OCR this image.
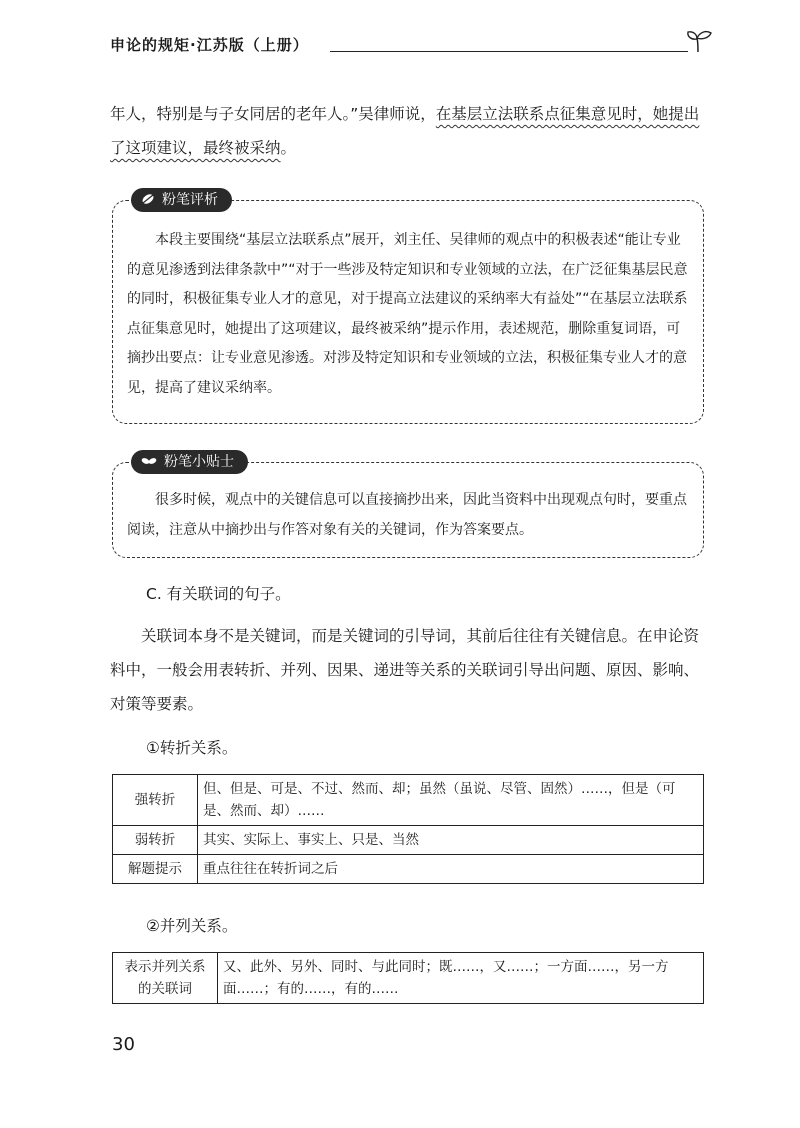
申论的规矩·江苏版（上册）

年人，特别是与子女同居的老年人。”吴律师说，在基层立法联系点征集意见时，她提出了这项建议，最终被采纳。

粉笔评析

本段主要围绕“基层立法联系点”展开，刘主任、吴律师的观点中的积极表述“能让专业的意见渗透到法律条款中”“对于一些涉及特定知识和专业领域的立法，在广泛征集基层民意的同时，积极征集专业人才的意见，对于提高立法建议的采纳率大有益处”“在基层立法联系点征集意见时，她提出了这项建议，最终被采纳”提示作用，表述规范，删除重复词语，可摘抄出要点：让专业意见渗透。对涉及特定知识和专业领域的立法，积极征集专业人才的意见，提高了建议采纳率。

粉笔小贴士

很多时候，观点中的关键信息可以直接摘抄出来，因此当资料中出现观点句时，要重点阅读，注意从中摘抄出与作答对象有关的关键词，作为答案要点。

C. 有关联词的句子。

关联词本身不是关键词，而是关键词的引导词，其前后往往有关键信息。在申论资料中，一般会用表转折、并列、因果、递进等关系的关联词引导出问题、原因、影响、对策等要素。

①转折关系。
强转折	但、但是、可是、不过、然而、却；虽然（虽说、尽管、固然）……，但是（可是、然而、却）……
弱转折	其实、实际上、事实上、只是、当然
解题提示	重点往往在转折词之后
②并列关系。
表示并列关系的关联词	又、此外、另外、同时、与此同时；既……，又……；一方面……，另一方面……；有的……，有的……
30
